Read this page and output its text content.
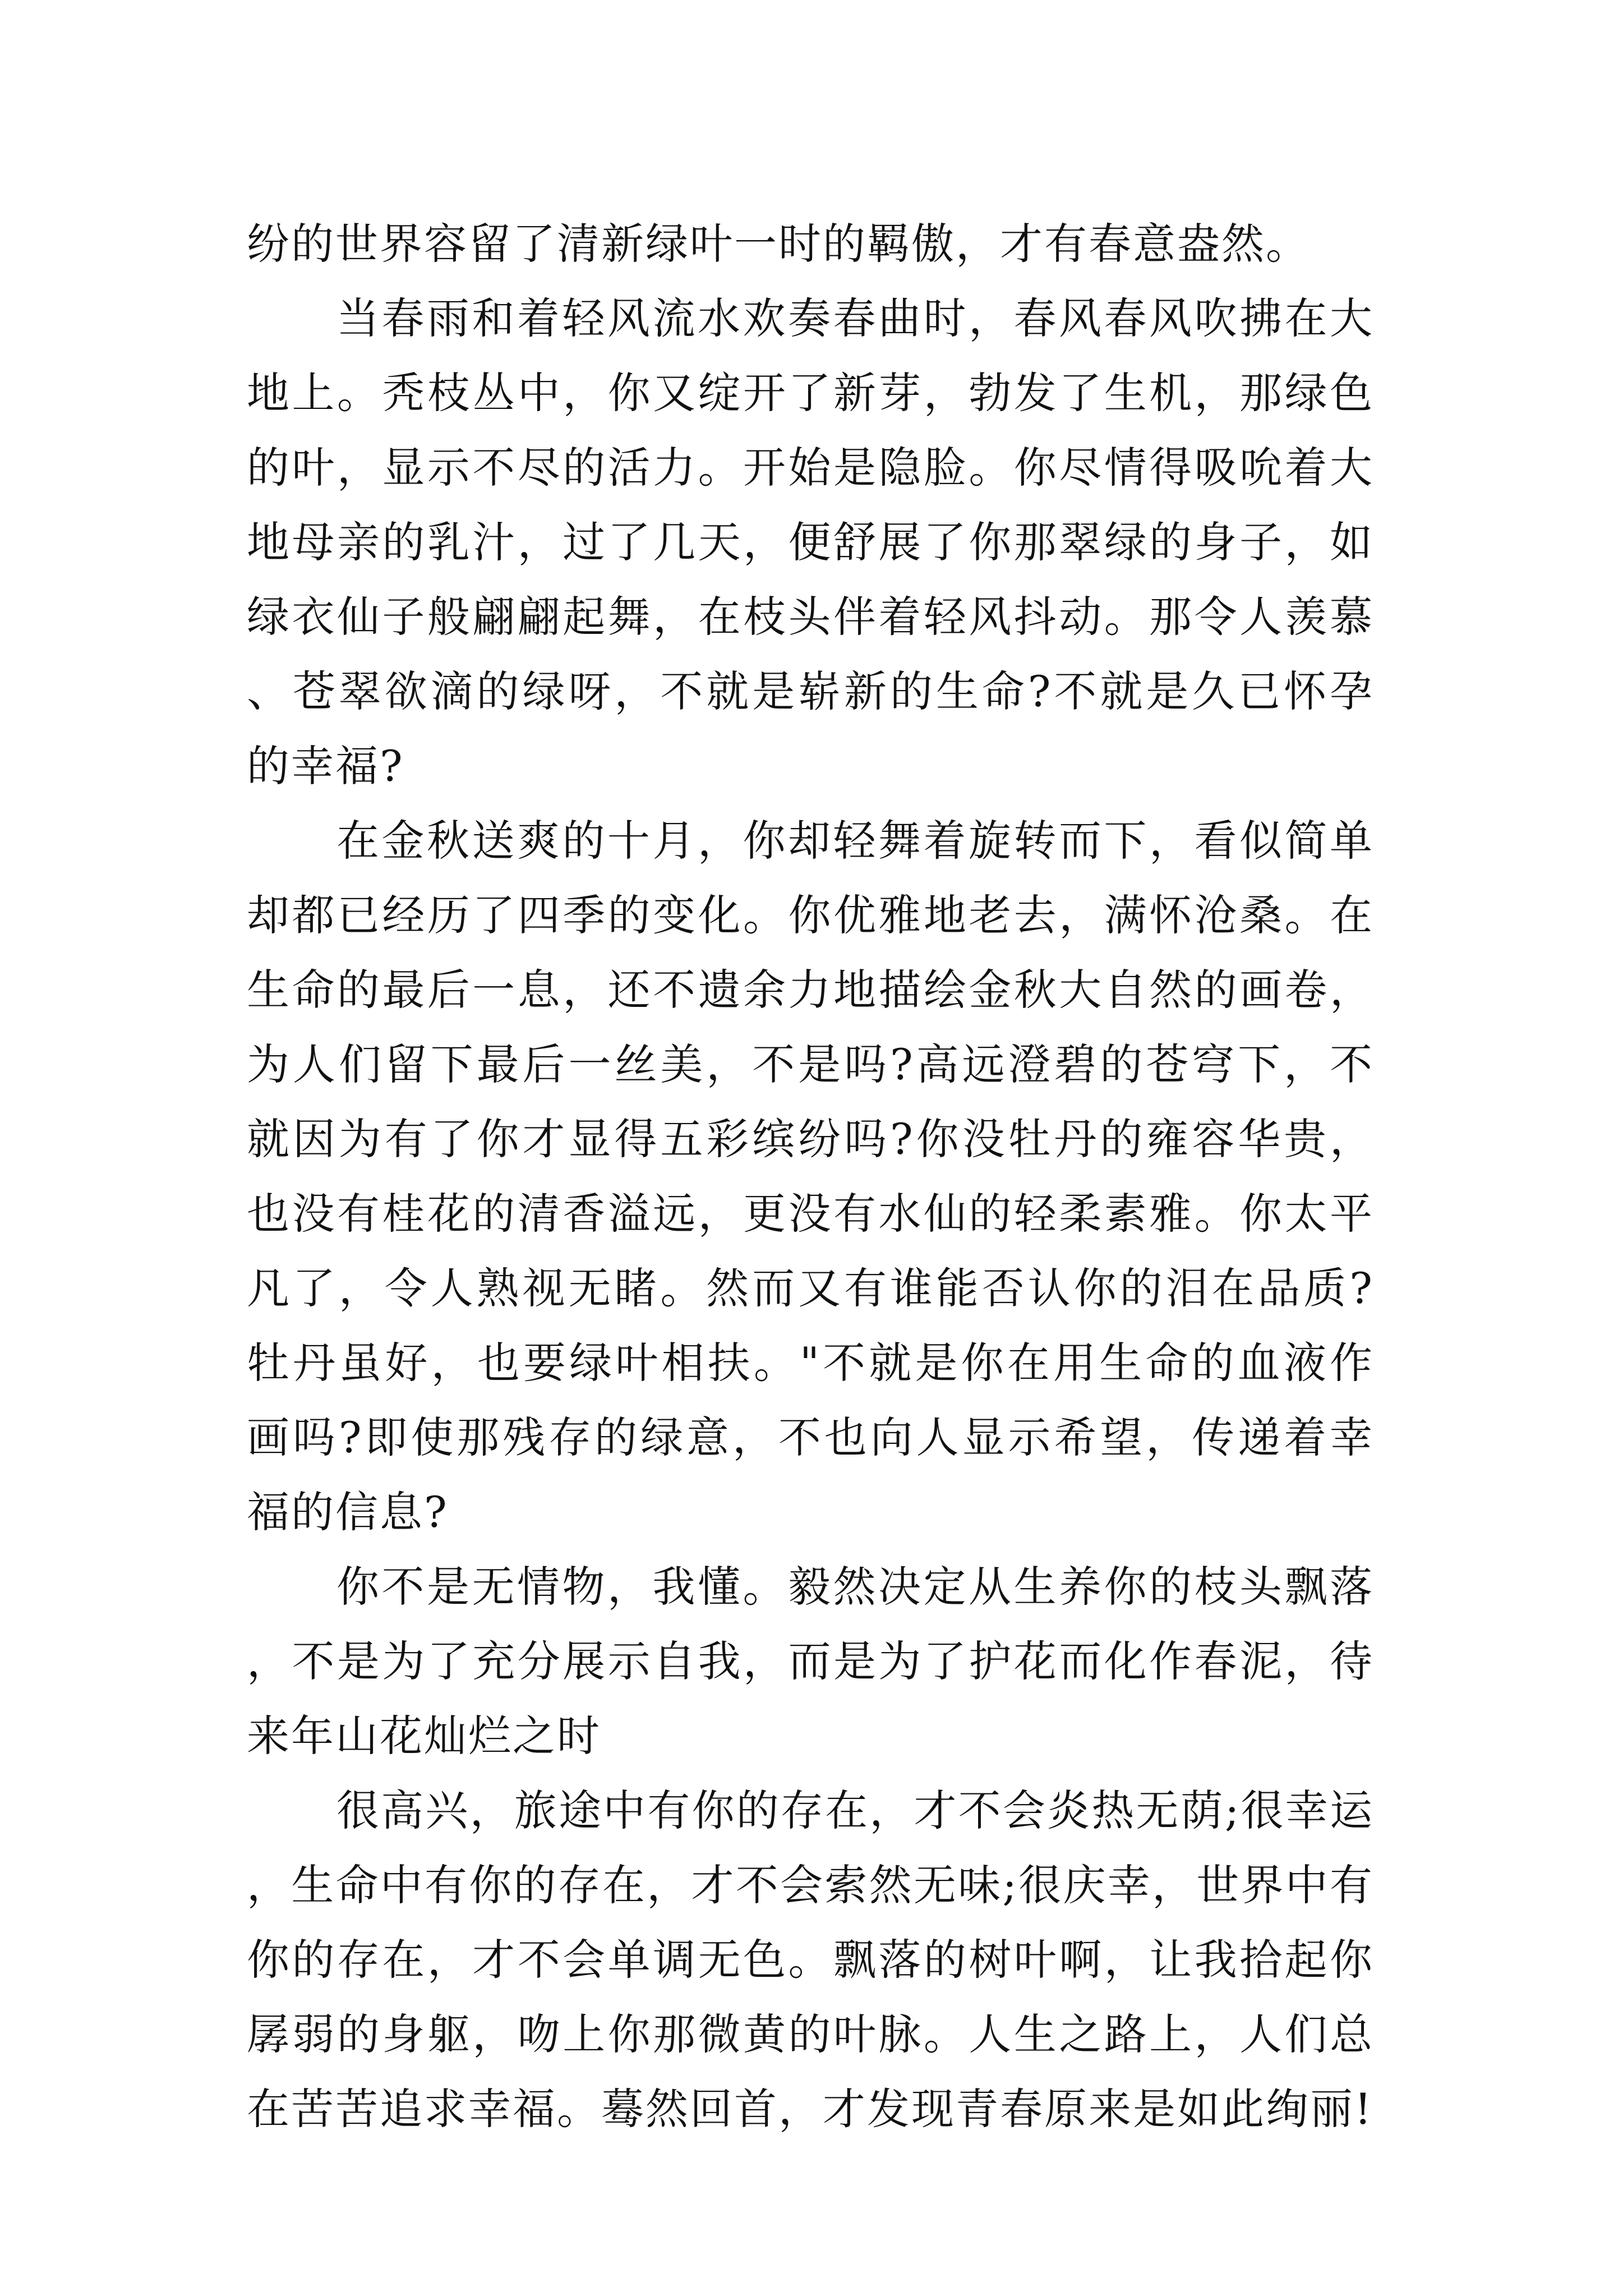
纷的世界容留了清新绿叶一时的羁傲，才有春意盎然。

当春雨和着轻风流水欢奏春曲时，春风春风吹拂在大地上。秃枝丛中，你又绽开了新芽，勃发了生机，那绿色的叶，显示不尽的活力。开始是隐脸。你尽情得吸吮着大地母亲的乳汁，过了几天，便舒展了你那翠绿的身子，如绿衣仙子般翩翩起舞，在枝头伴着轻风抖动。那令人羡慕、苍翠欲滴的绿呀，不就是崭新的生命?不就是久已怀孕的幸福?

在金秋送爽的十月，你却轻舞着旋转而下，看似简单却都已经历了四季的变化。你优雅地老去，满怀沧桑。在生命的最后一息，还不遗余力地描绘金秋大自然的画卷，为人们留下最后一丝美，不是吗?高远澄碧的苍穹下，不就因为有了你才显得五彩缤纷吗?你没牡丹的雍容华贵，也没有桂花的清香溢远，更没有水仙的轻柔素雅。你太平凡了，令人熟视无睹。然而又有谁能否认你的泪在品质?牡丹虽好，也要绿叶相扶。"不就是你在用生命的血液作画吗?即使那残存的绿意，不也向人显示希望，传递着幸福的信息?

你不是无情物，我懂。毅然决定从生养你的枝头飘落，不是为了充分展示自我，而是为了护花而化作春泥，待来年山花灿烂之时

很高兴，旅途中有你的存在，才不会炎热无荫;很幸运，生命中有你的存在，才不会索然无味;很庆幸，世界中有你的存在，才不会单调无色。飘落的树叶啊，让我拾起你孱弱的身躯，吻上你那微黄的叶脉。人生之路上，人们总在苦苦追求幸福。蓦然回首，才发现青春原来是如此绚丽!
